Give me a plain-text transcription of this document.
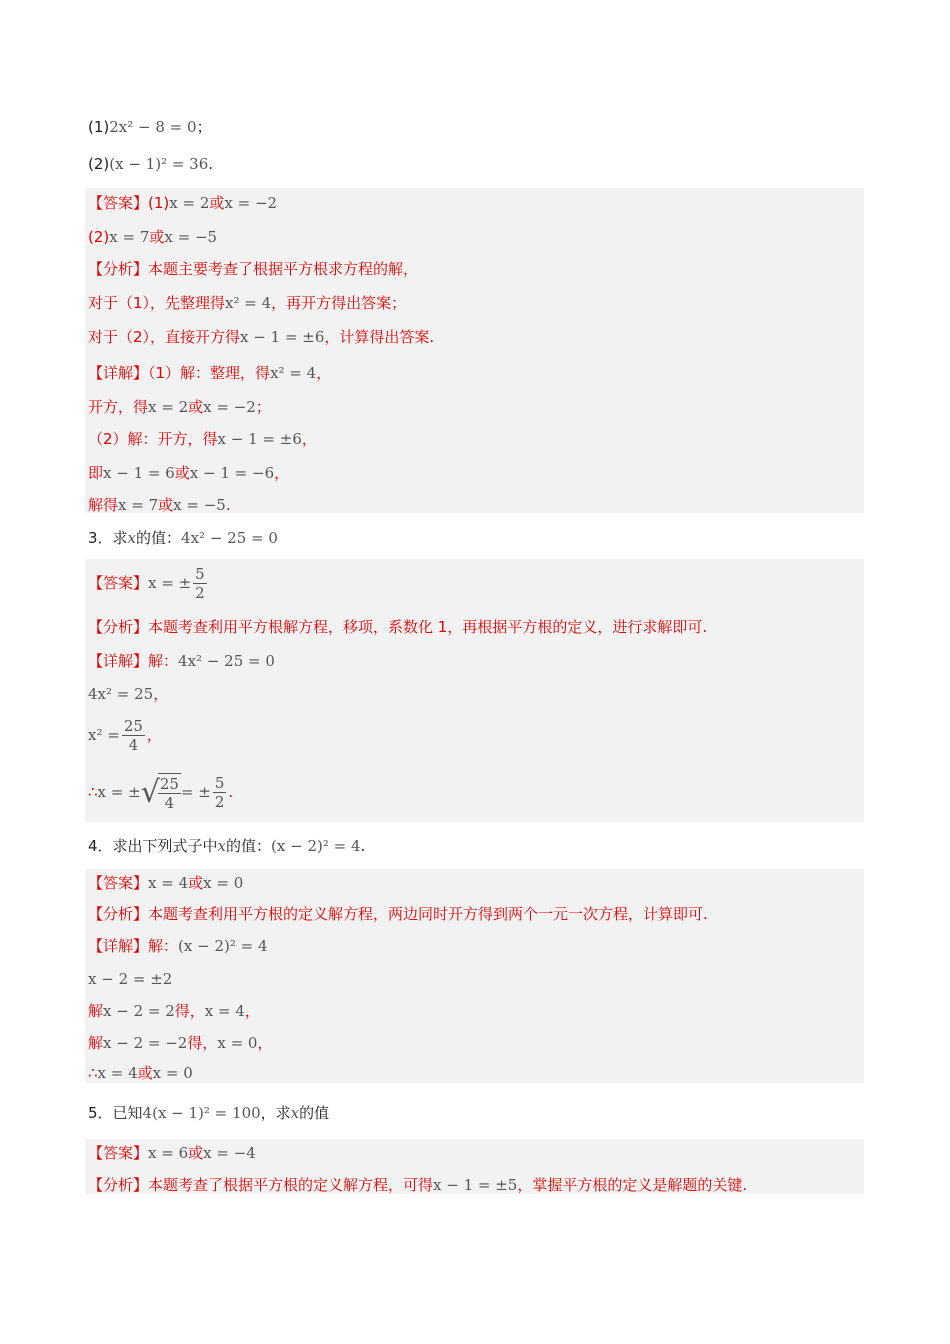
(1)2x² − 8 = 0；
(2)(x − 1)² = 36.
【答案】(1)x = 2或x = −2
(2)x = 7或x = −5
【分析】本题主要考查了根据平方根求方程的解，
对于（1），先整理得x² = 4，再开方得出答案；
对于（2），直接开方得x − 1 = ±6，计算得出答案.
【详解】（1）解：整理，得x² = 4，
开方，得x = 2或x = −2；
（2）解：开方，得x − 1 = ±6，
即x − 1 = 6或x − 1 = −6，
解得x = 7或x = −5.
3．求x的值：4x² − 25 = 0
【答案】x = ± $\frac{5}{2}$
【分析】本题考查利用平方根解方程，移项，系数化 1，再根据平方根的定义，进行求解即可.
【详解】解：4x² − 25 = 0
4x² = 25，
$x^2 = \frac{25}{4}$ ，
∴x = ± √
$\frac{25}{4}$ = ± $\frac{5}{2}$ .
4．求出下列式子中x的值：(x − 2)² = 4.
【答案】x = 4或x = 0
【分析】本题考查利用平方根的定义解方程，两边同时开方得到两个一元一次方程，计算即可.
【详解】解：(x − 2)² = 4
x − 2 = ±2
解x − 2 = 2得，x = 4，
解x − 2 = −2得，x = 0，
∴x = 4或x = 0
5．已知4(x − 1)² = 100，求x的值
【答案】x = 6或x = −4
【分析】本题考查了根据平方根的定义解方程，可得x − 1 = ±5，掌握平方根的定义是解题的关键.
